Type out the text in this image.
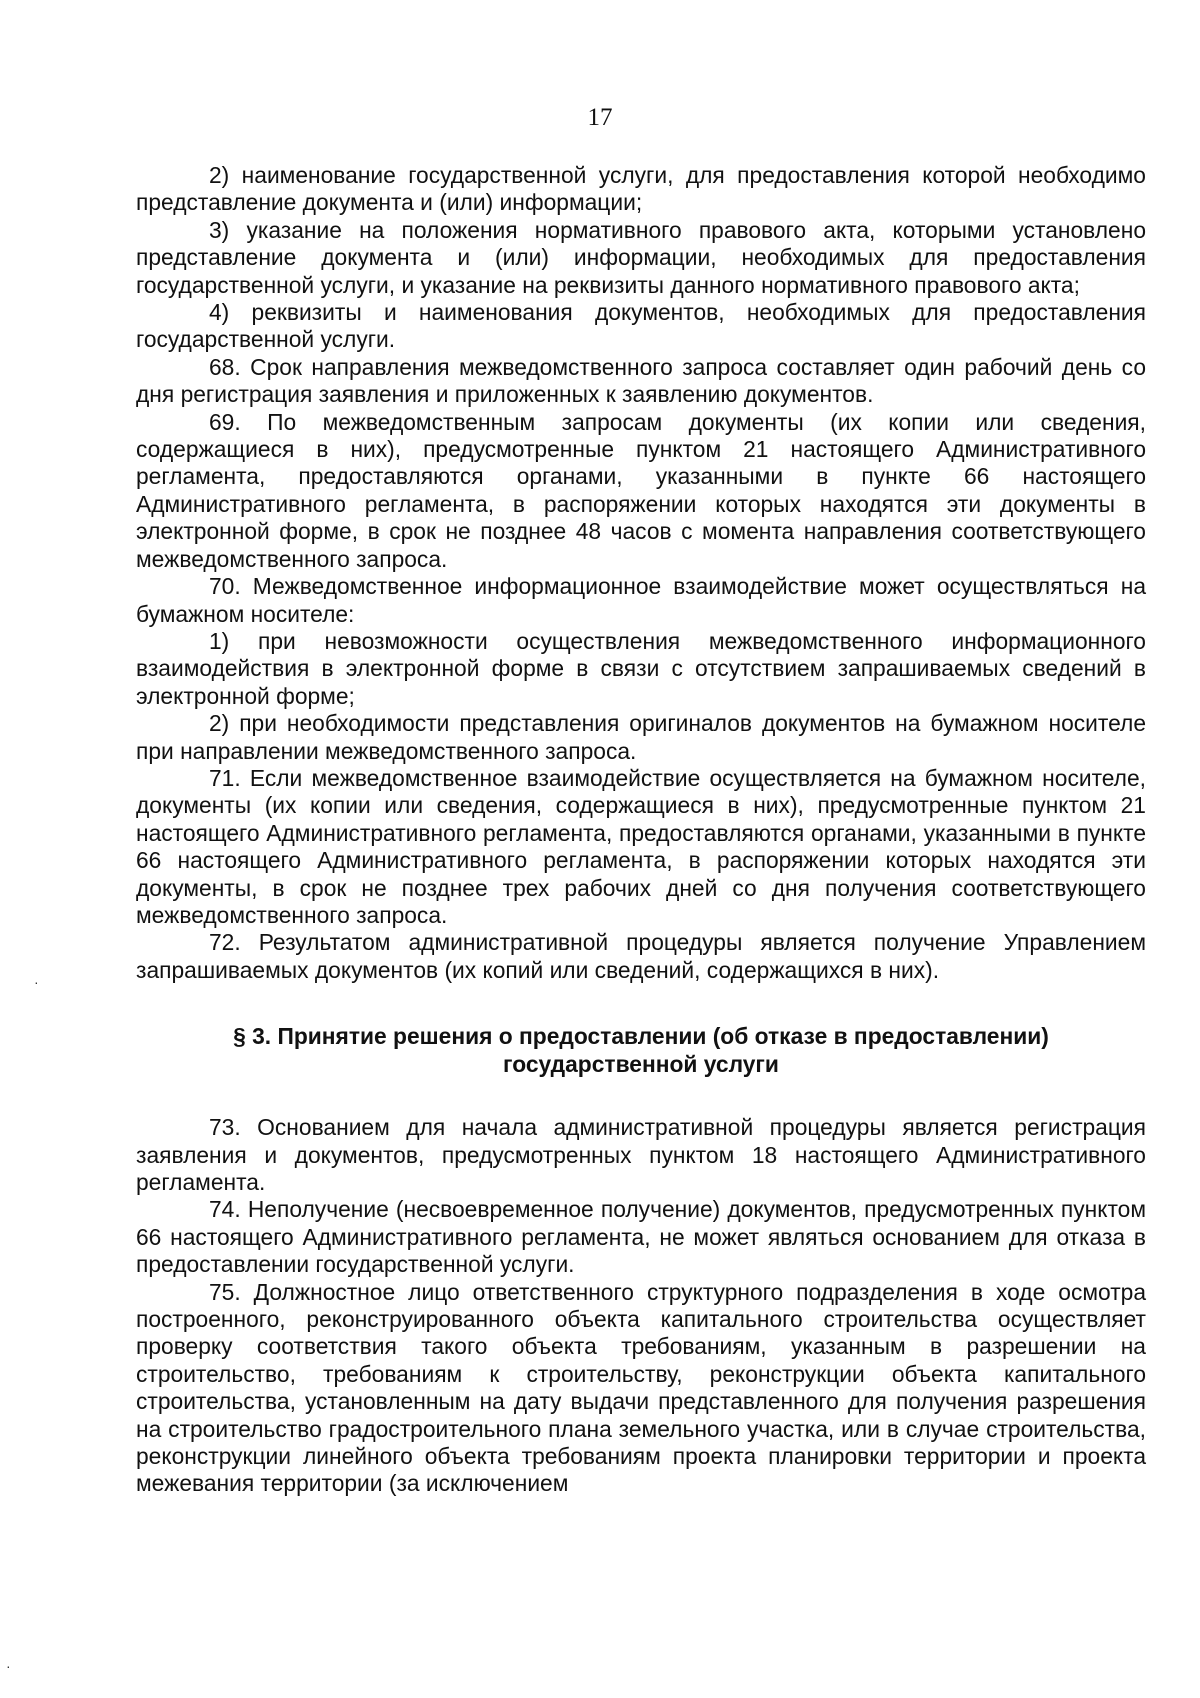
17

2) наименование государственной услуги, для предоставления которой необходимо представление документа и (или) информации;

3) указание на положения нормативного правового акта, которыми установлено представление документа и (или) информации, необходимых для предоставления государственной услуги, и указание на реквизиты данного нормативного правового акта;

4) реквизиты и наименования документов, необходимых для предоставления государственной услуги.

68. Срок направления межведомственного запроса составляет один рабочий день со дня регистрация заявления и приложенных к заявлению документов.

69. По межведомственным запросам документы (их копии или сведения, содержащиеся в них), предусмотренные пунктом 21 настоящего Административного регламента, предоставляются органами, указанными в пункте 66 настоящего Административного регламента, в распоряжении которых находятся эти документы в электронной форме, в срок не позднее 48 часов с момента направления соответствующего межведомственного запроса.

70. Межведомственное информационное взаимодействие может осуществляться на бумажном носителе:

1) при невозможности осуществления межведомственного информационного взаимодействия в электронной форме в связи с отсутствием запрашиваемых сведений в электронной форме;

2) при необходимости представления оригиналов документов на бумажном носителе при направлении межведомственного запроса.

71. Если межведомственное взаимодействие осуществляется на бумажном носителе, документы (их копии или сведения, содержащиеся в них), предусмотренные пунктом 21 настоящего Административного регламента, предоставляются органами, указанными в пункте 66 настоящего Административного регламента, в распоряжении которых находятся эти документы, в срок не позднее трех рабочих дней со дня получения соответствующего межведомственного запроса.

72. Результатом административной процедуры является получение Управлением запрашиваемых документов (их копий или сведений, содержащихся в них).

§ 3. Принятие решения о предоставлении (об отказе в предоставлении)
государственной услуги

73. Основанием для начала административной процедуры является регистрация заявления и документов, предусмотренных пунктом 18 настоящего Административного регламента.

74. Неполучение (несвоевременное получение) документов, предусмотренных пунктом 66 настоящего Административного регламента, не может являться основанием для отказа в предоставлении государственной услуги.

75. Должностное лицо ответственного структурного подразделения в ходе осмотра построенного, реконструированного объекта капитального строительства осуществляет проверку соответствия такого объекта требованиям, указанным в разрешении на строительство, требованиям к строительству, реконструкции объекта капитального строительства, установленным на дату выдачи представленного для получения разрешения на строительство градостроительного плана земельного участка, или в случае строительства, реконструкции линейного объекта требованиям проекта планировки территории и проекта межевания территории (за исключением

·
·
